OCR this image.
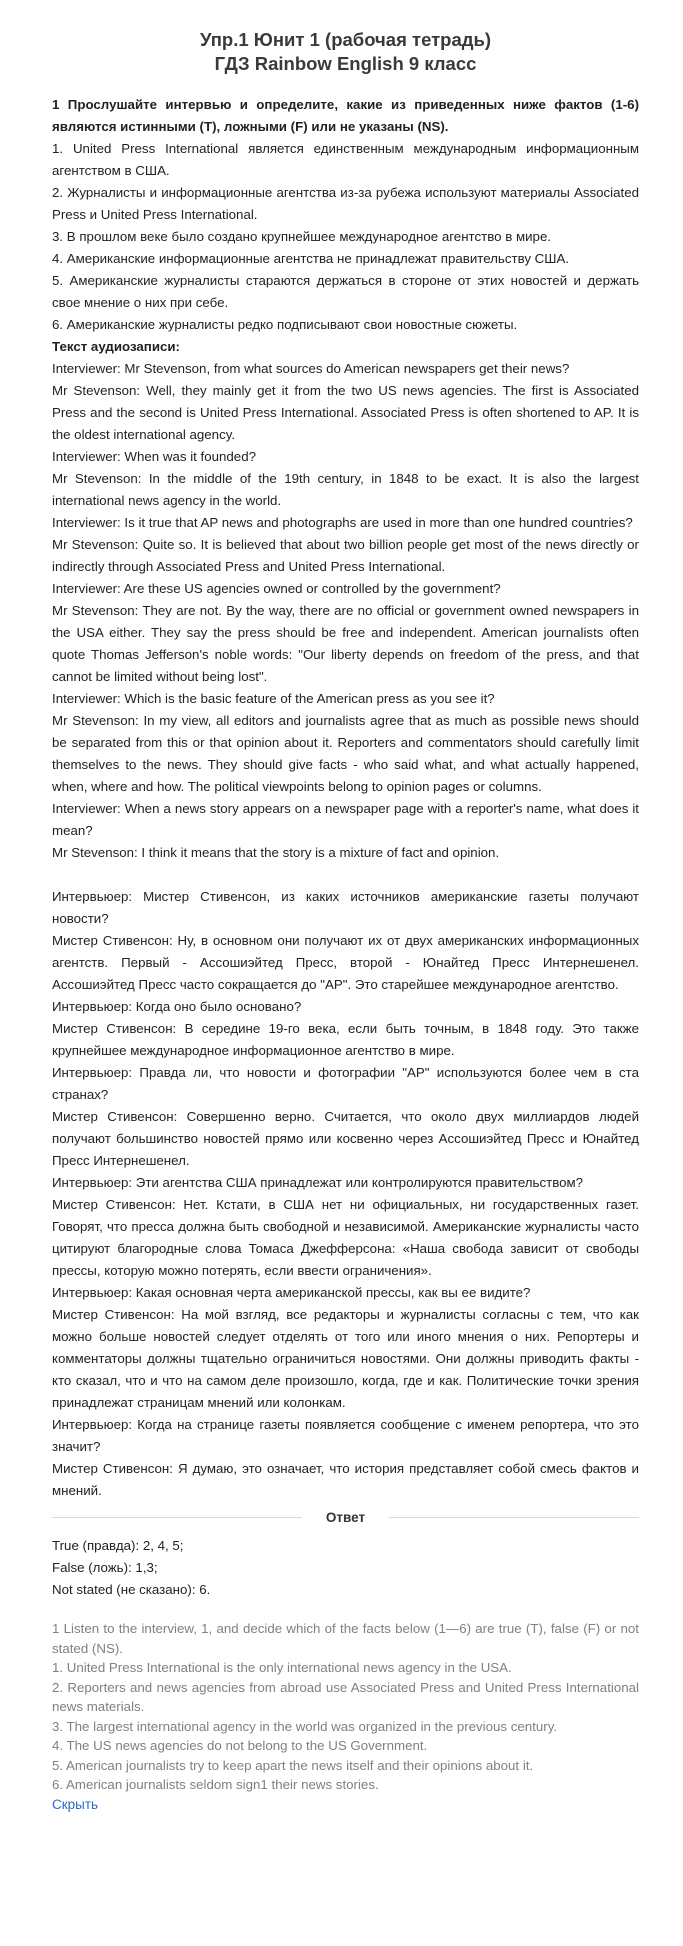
Упр.1 Юнит 1 (рабочая тетрадь)
ГДЗ Rainbow English 9 класс

1 Прослушайте интервью и определите, какие из приведенных ниже фактов (1-6) являются истинными (T), ложными (F) или не указаны (NS).

1. United Press International является единственным международным информационным агентством в США.

2. Журналисты и информационные агентства из-за рубежа используют материалы Associated Press и United Press International.

3. В прошлом веке было создано крупнейшее международное агентство в мире.

4. Американские информационные агентства не принадлежат правительству США.

5. Американские журналисты стараются держаться в стороне от этих новостей и держать свое мнение о них при себе.

6. Американские журналисты редко подписывают свои новостные сюжеты.

Текст аудиозаписи:

Interviewer: Mr Stevenson, from what sources do American newspapers get their news?

Mr Stevenson: Well, they mainly get it from the two US news agencies. The first is Associated Press and the second is United Press International. Associated Press is often shortened to AP. It is the oldest international agency.

Interviewer: When was it founded?

Mr Stevenson: In the middle of the 19th century, in 1848 to be exact. It is also the largest international news agency in the world.

Interviewer: Is it true that AP news and photographs are used in more than one hundred countries?

Mr Stevenson: Quite so. It is believed that about two billion people get most of the news directly or indirectly through Associated Press and United Press International.

Interviewer: Are these US agencies owned or controlled by the government?

Mr Stevenson: They are not. By the way, there are no official or government owned newspapers in the USA either. They say the press should be free and independent. American journalists often quote Thomas Jefferson's noble words: "Our liberty depends on freedom of the press, and that cannot be limited without being lost".

Interviewer: Which is the basic feature of the American press as you see it?

Mr Stevenson: In my view, all editors and journalists agree that as much as possible news should be separated from this or that opinion about it. Reporters and commentators should carefully limit themselves to the news. They should give facts - who said what, and what actually happened, when, where and how. The political viewpoints belong to opinion pages or columns.

Interviewer: When a news story appears on a newspaper page with a reporter's name, what does it mean?

Mr Stevenson: I think it means that the story is a mixture of fact and opinion.

Интервьюер: Мистер Стивенсон, из каких источников американские газеты получают новости?

Мистер Стивенсон: Ну, в основном они получают их от двух американских информационных агентств. Первый - Ассошиэйтед Пресс, второй - Юнайтед Пресс Интернешенел. Ассошиэйтед Пресс часто сокращается до "AP". Это старейшее международное агентство.

Интервьюер: Когда оно было основано?

Мистер Стивенсон: В середине 19-го века, если быть точным, в 1848 году. Это также крупнейшее международное информационное агентство в мире.

Интервьюер: Правда ли, что новости и фотографии "AP" используются более чем в ста странах?

Мистер Стивенсон: Совершенно верно. Считается, что около двух миллиардов людей получают большинство новостей прямо или косвенно через Ассошиэйтед Пресс и Юнайтед Пресс Интернешенел.

Интервьюер: Эти агентства США принадлежат или контролируются правительством?

Мистер Стивенсон: Нет. Кстати, в США нет ни официальных, ни государственных газет. Говорят, что пресса должна быть свободной и независимой. Американские журналисты часто цитируют благородные слова Томаса Джефферсона: «Наша свобода зависит от свободы прессы, которую можно потерять, если ввести ограничения».

Интервьюер: Какая основная черта американской прессы, как вы ее видите?

Мистер Стивенсон: На мой взгляд, все редакторы и журналисты согласны с тем, что как можно больше новостей следует отделять от того или иного мнения о них. Репортеры и комментаторы должны тщательно ограничиться новостями. Они должны приводить факты - кто сказал, что и что на самом деле произошло, когда, где и как. Политические точки зрения принадлежат страницам мнений или колонкам.

Интервьюер: Когда на странице газеты появляется сообщение с именем репортера, что это значит?

Мистер Стивенсон: Я думаю, это означает, что история представляет собой смесь фактов и мнений.

Ответ

True (правда): 2, 4, 5;

False (ложь): 1,3;

Not stated (не сказано): 6.

1 Listen to the interview, 1, and decide which of the facts below (1—6) are true (T), false (F) or not stated (NS).

1. United Press International is the only international news agency in the USA.

2. Reporters and news agencies from abroad use Associated Press and United Press International news materials.

3. The largest international agency in the world was organized in the previous century.

4. The US news agencies do not belong to the US Government.

5. American journalists try to keep apart the news itself and their opinions about it.

6. American journalists seldom sign1 their news stories.

Скрыть
